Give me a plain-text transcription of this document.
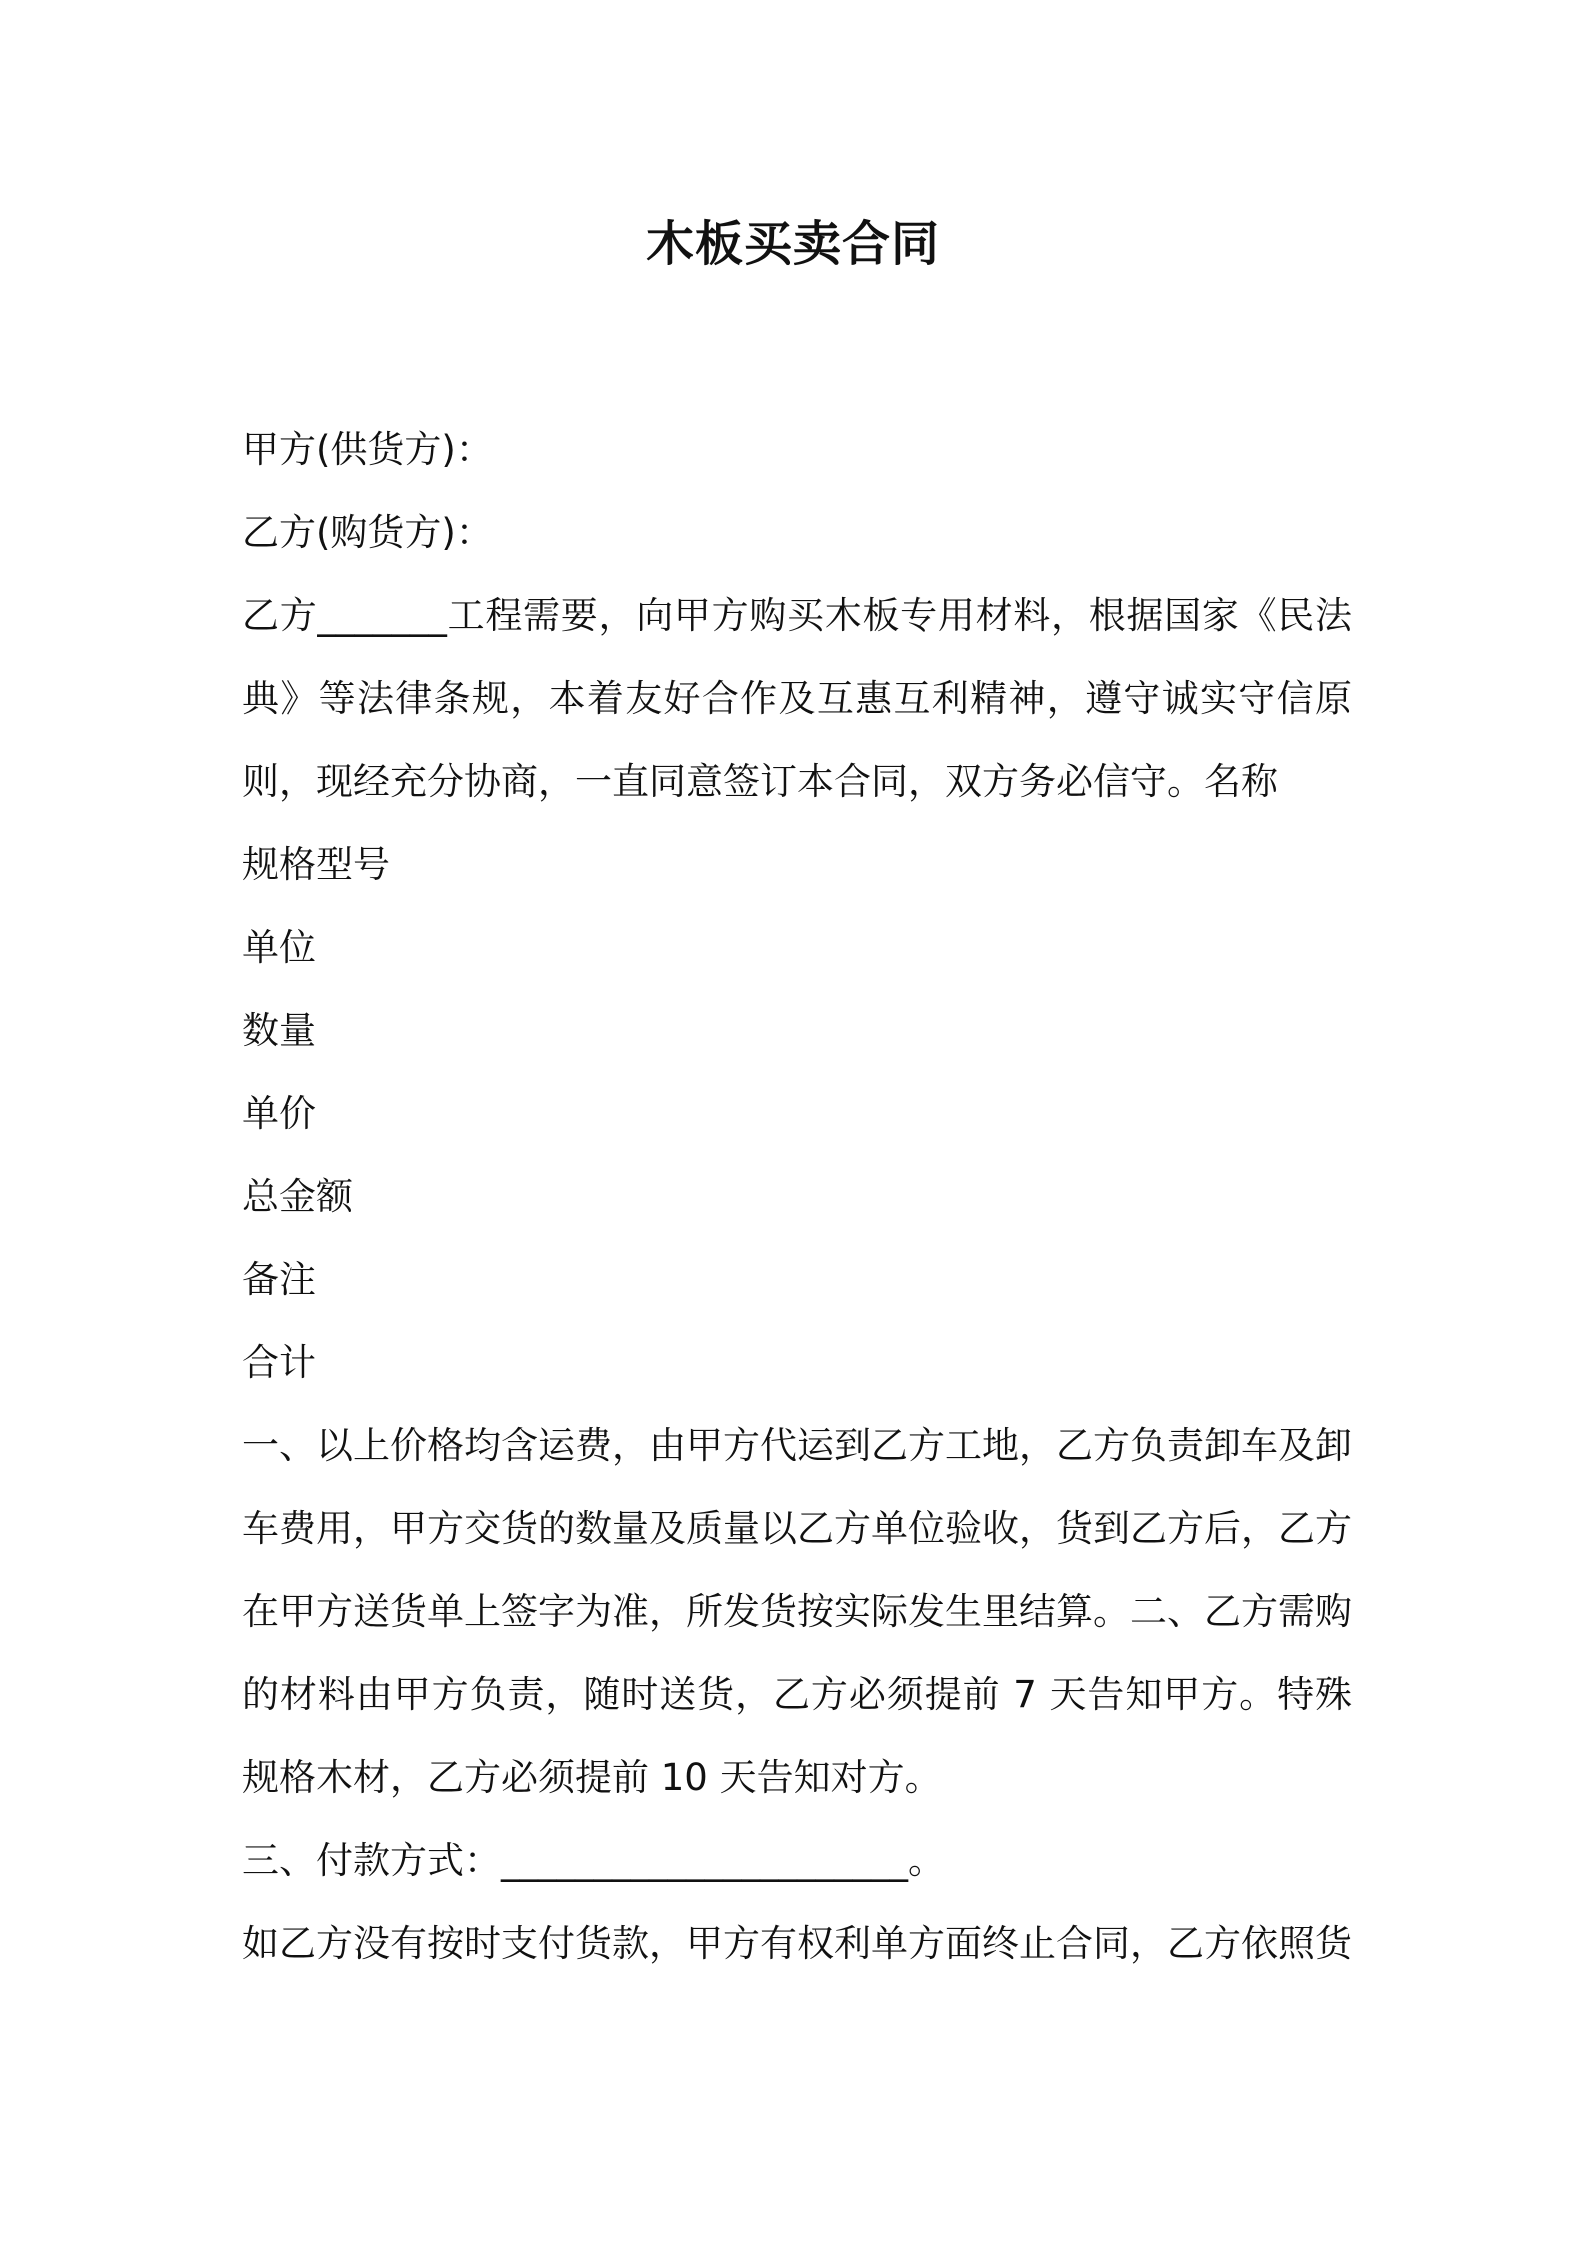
木板买卖合同

甲方(供货方)：

乙方(购货方)：

乙方_______工程需要，向甲方购买木板专用材料，根据国家《民法典》等法律条规，本着友好合作及互惠互利精神，遵守诚实守信原则，现经充分协商，一直同意签订本合同，双方务必信守。名称

规格型号

单位

数量

单价

总金额

备注

合计

一、以上价格均含运费，由甲方代运到乙方工地，乙方负责卸车及卸车费用，甲方交货的数量及质量以乙方单位验收，货到乙方后，乙方在甲方送货单上签字为准，所发货按实际发生里结算。二、乙方需购的材料由甲方负责，随时送货，乙方必须提前 7 天告知甲方。特殊规格木材，乙方必须提前 10 天告知对方。

三、付款方式：______________________。

如乙方没有按时支付货款，甲方有权利单方面终止合同，乙方依照货
